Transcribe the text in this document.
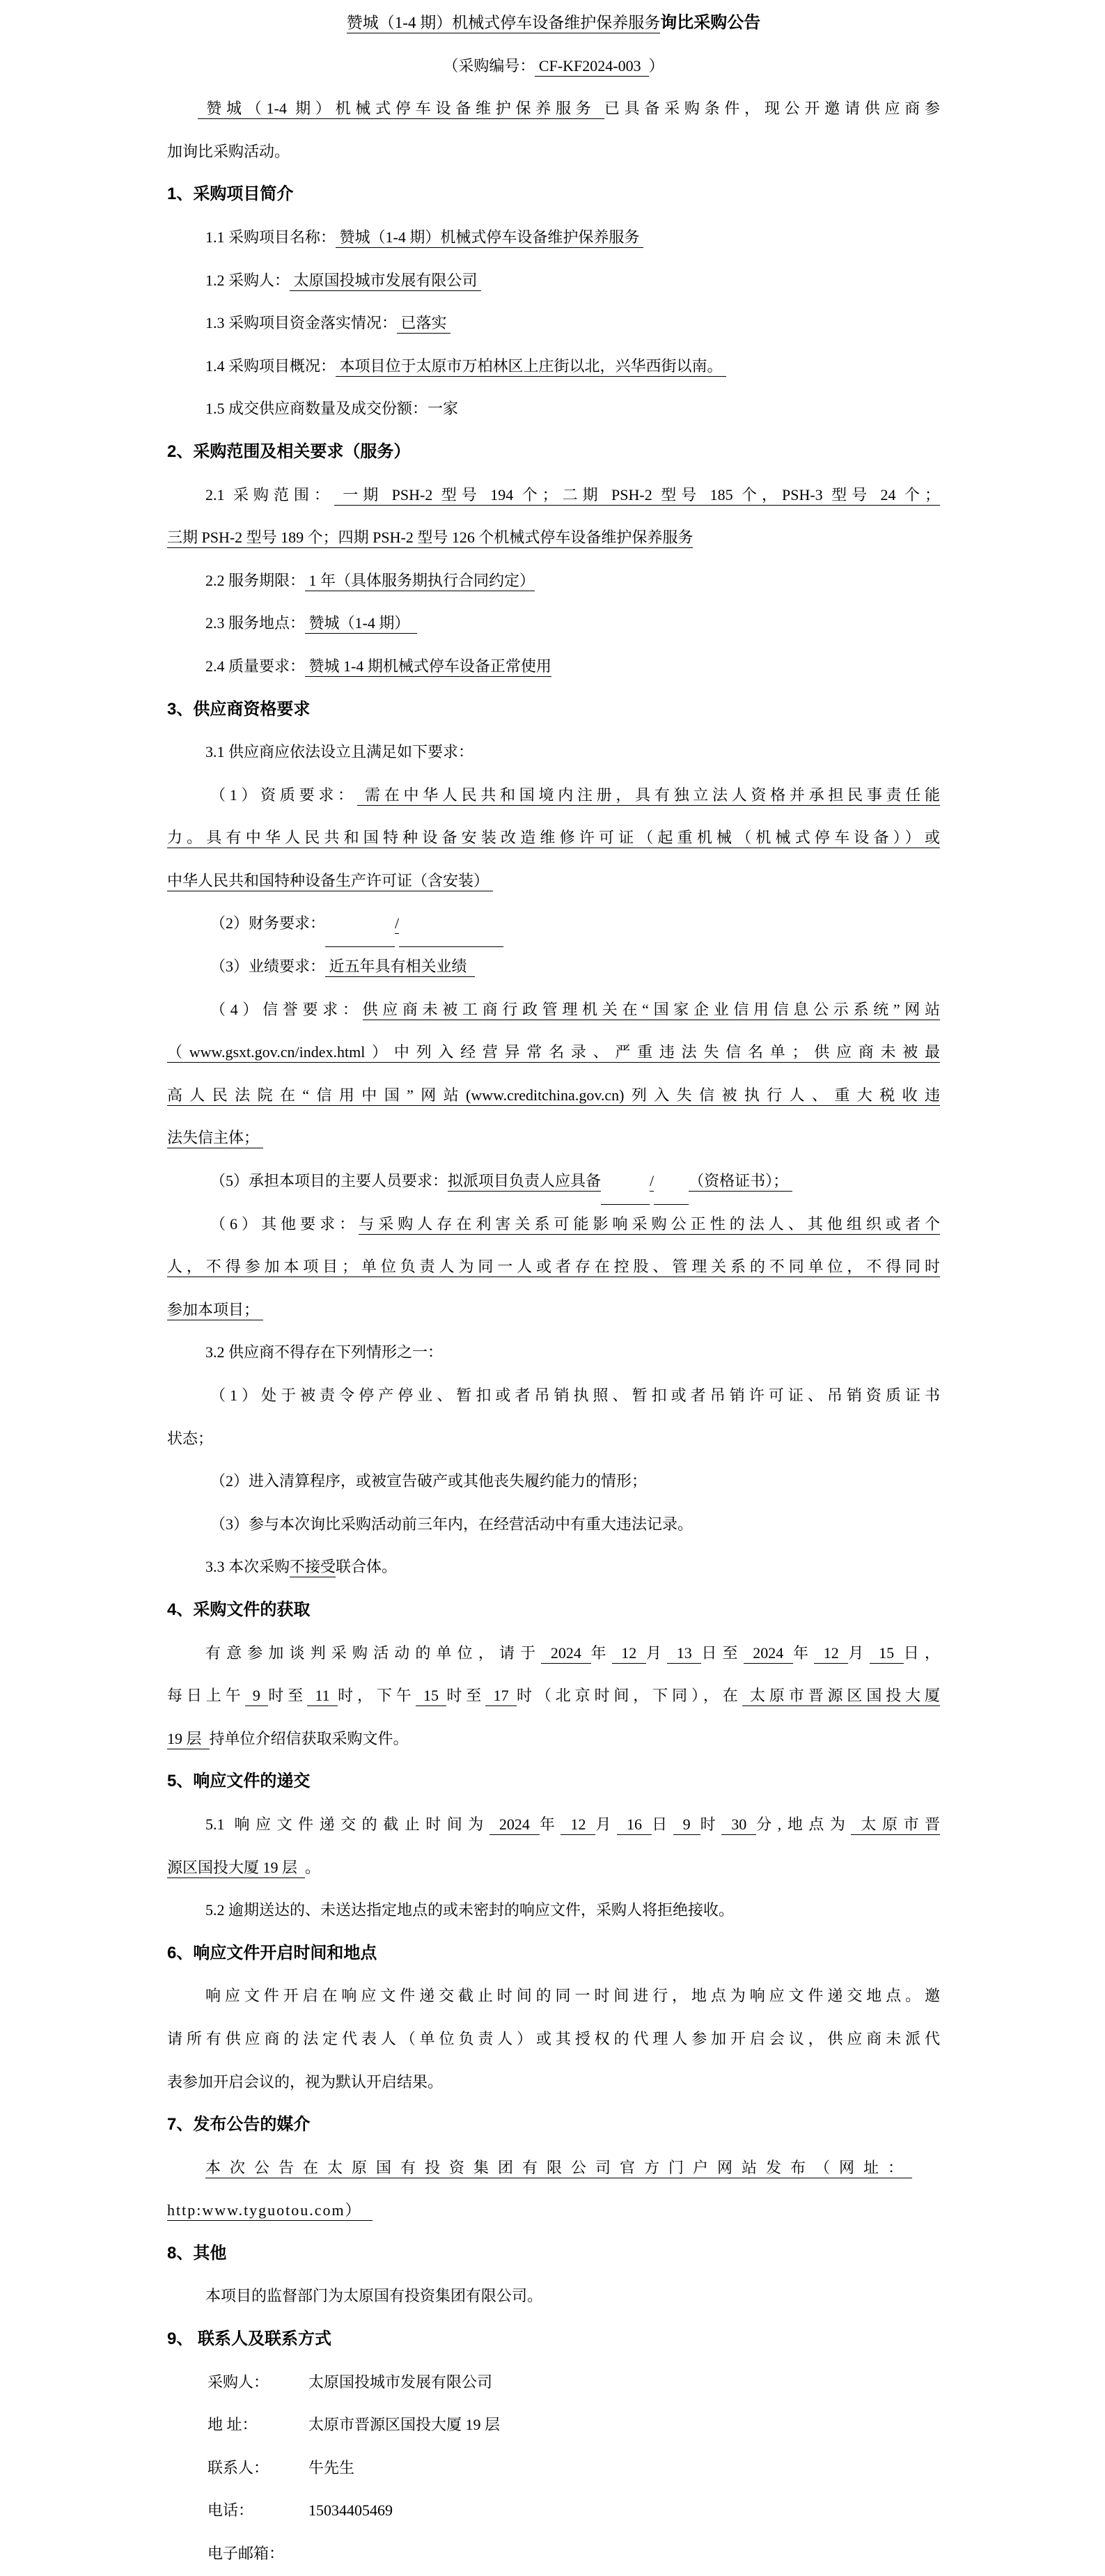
赞城（1-4 期）机械式停车设备维护保养服务询比采购公告
（采购编号： CF-KF2024-003  ）
赞城（1-4 期）机械式停车设备维护保养服务 已具备采购条件，现公开邀请供应商参
加询比采购活动。
1、采购项目简介
1.1 采购项目名称： 赞城（1-4 期）机械式停车设备维护保养服务
1.2 采购人： 太原国投城市发展有限公司
1.3 采购项目资金落实情况： 已落实
1.4 采购项目概况： 本项目位于太原市万柏林区上庄街以北，兴华西街以南。
1.5 成交供应商数量及成交份额：一家
2、采购范围及相关要求（服务）
2.1 采购范围： 一期 PSH-2 型号 194 个；二期 PSH-2 型号 185 个，PSH-3 型号 24 个；
三期 PSH-2 型号 189 个；四期 PSH-2 型号 126 个机械式停车设备维护保养服务
2.2 服务期限： 1 年（具体服务期执行合同约定）
2.3 服务地点： 赞城（1-4 期）
2.4 质量要求： 赞城 1-4 期机械式停车设备正常使用
3、供应商资格要求
3.1 供应商应依法设立且满足如下要求：
（1）资质要求： 需在中华人民共和国境内注册，具有独立法人资格并承担民事责任能
力。具有中华人民共和国特种设备安装改造维修许可证（起重机械（机械式停车设备））或
中华人民共和国特种设备生产许可证（含安装）
（2）财务要求：	/
（3）业绩要求： 近五年具有相关业绩
（4）信誉要求：供应商未被工商行政管理机关在“国家企业信用信息公示系统”网站
（www.gsxt.gov.cn/index.html）中列入经营异常名录、严重违法失信名单；供应商未被最
高人民法院在“信用中国”网站(www.creditchina.gov.cn)列入失信被执行人、重大税收违
法失信主体；
（5）承担本项目的主要人员要求：拟派项目负责人应具备	/ （资格证书）；
（6）其他要求：与采购人存在利害关系可能影响采购公正性的法人、其他组织或者个
人，不得参加本项目；单位负责人为同一人或者存在控股、管理关系的不同单位，不得同时
参加本项目；
3.2 供应商不得存在下列情形之一：
（1）处于被责令停产停业、暂扣或者吊销执照、暂扣或者吊销许可证、吊销资质证书
状态；
（2）进入清算程序，或被宣告破产或其他丧失履约能力的情形；
（3）参与本次询比采购活动前三年内，在经营活动中有重大违法记录。
3.3 本次采购不接受联合体。
4、采购文件的获取
有意参加谈判采购活动的单位，请于 2024 年 12 月 13 日至 2024 年 12 月 15 日，
每日上午 9 时至 11 时，下午 15 时至 17 时（北京时间，下同），在 太原市晋源区国投大厦
19 层  持单位介绍信获取采购文件。
5、响应文件的递交
5.1 响应文件递交的截止时间为 2024 年 12 月 16 日 9 时 30 分,地点为 太原市晋
源区国投大厦 19 层  。
5.2 逾期送达的、未送达指定地点的或未密封的响应文件，采购人将拒绝接收。
6、响应文件开启时间和地点
响应文件开启在响应文件递交截止时间的同一时间进行，地点为响应文件递交地点。邀
请所有供应商的法定代表人（单位负责人）或其授权的代理人参加开启会议，供应商未派代
表参加开启会议的，视为默认开启结果。
7、发布公告的媒介
本次公告在太原国有投资集团有限公司官方门户网站发布（网址：
http:www.tyguotou.com）
8、其他
本项目的监督部门为太原国有投资集团有限公司。
9、 联系人及联系方式
采购人：	太原国投城市发展有限公司
地 址：	太原市晋源区国投大厦 19 层
联系人：	牛先生
电话：	15034405469
电子邮箱：
